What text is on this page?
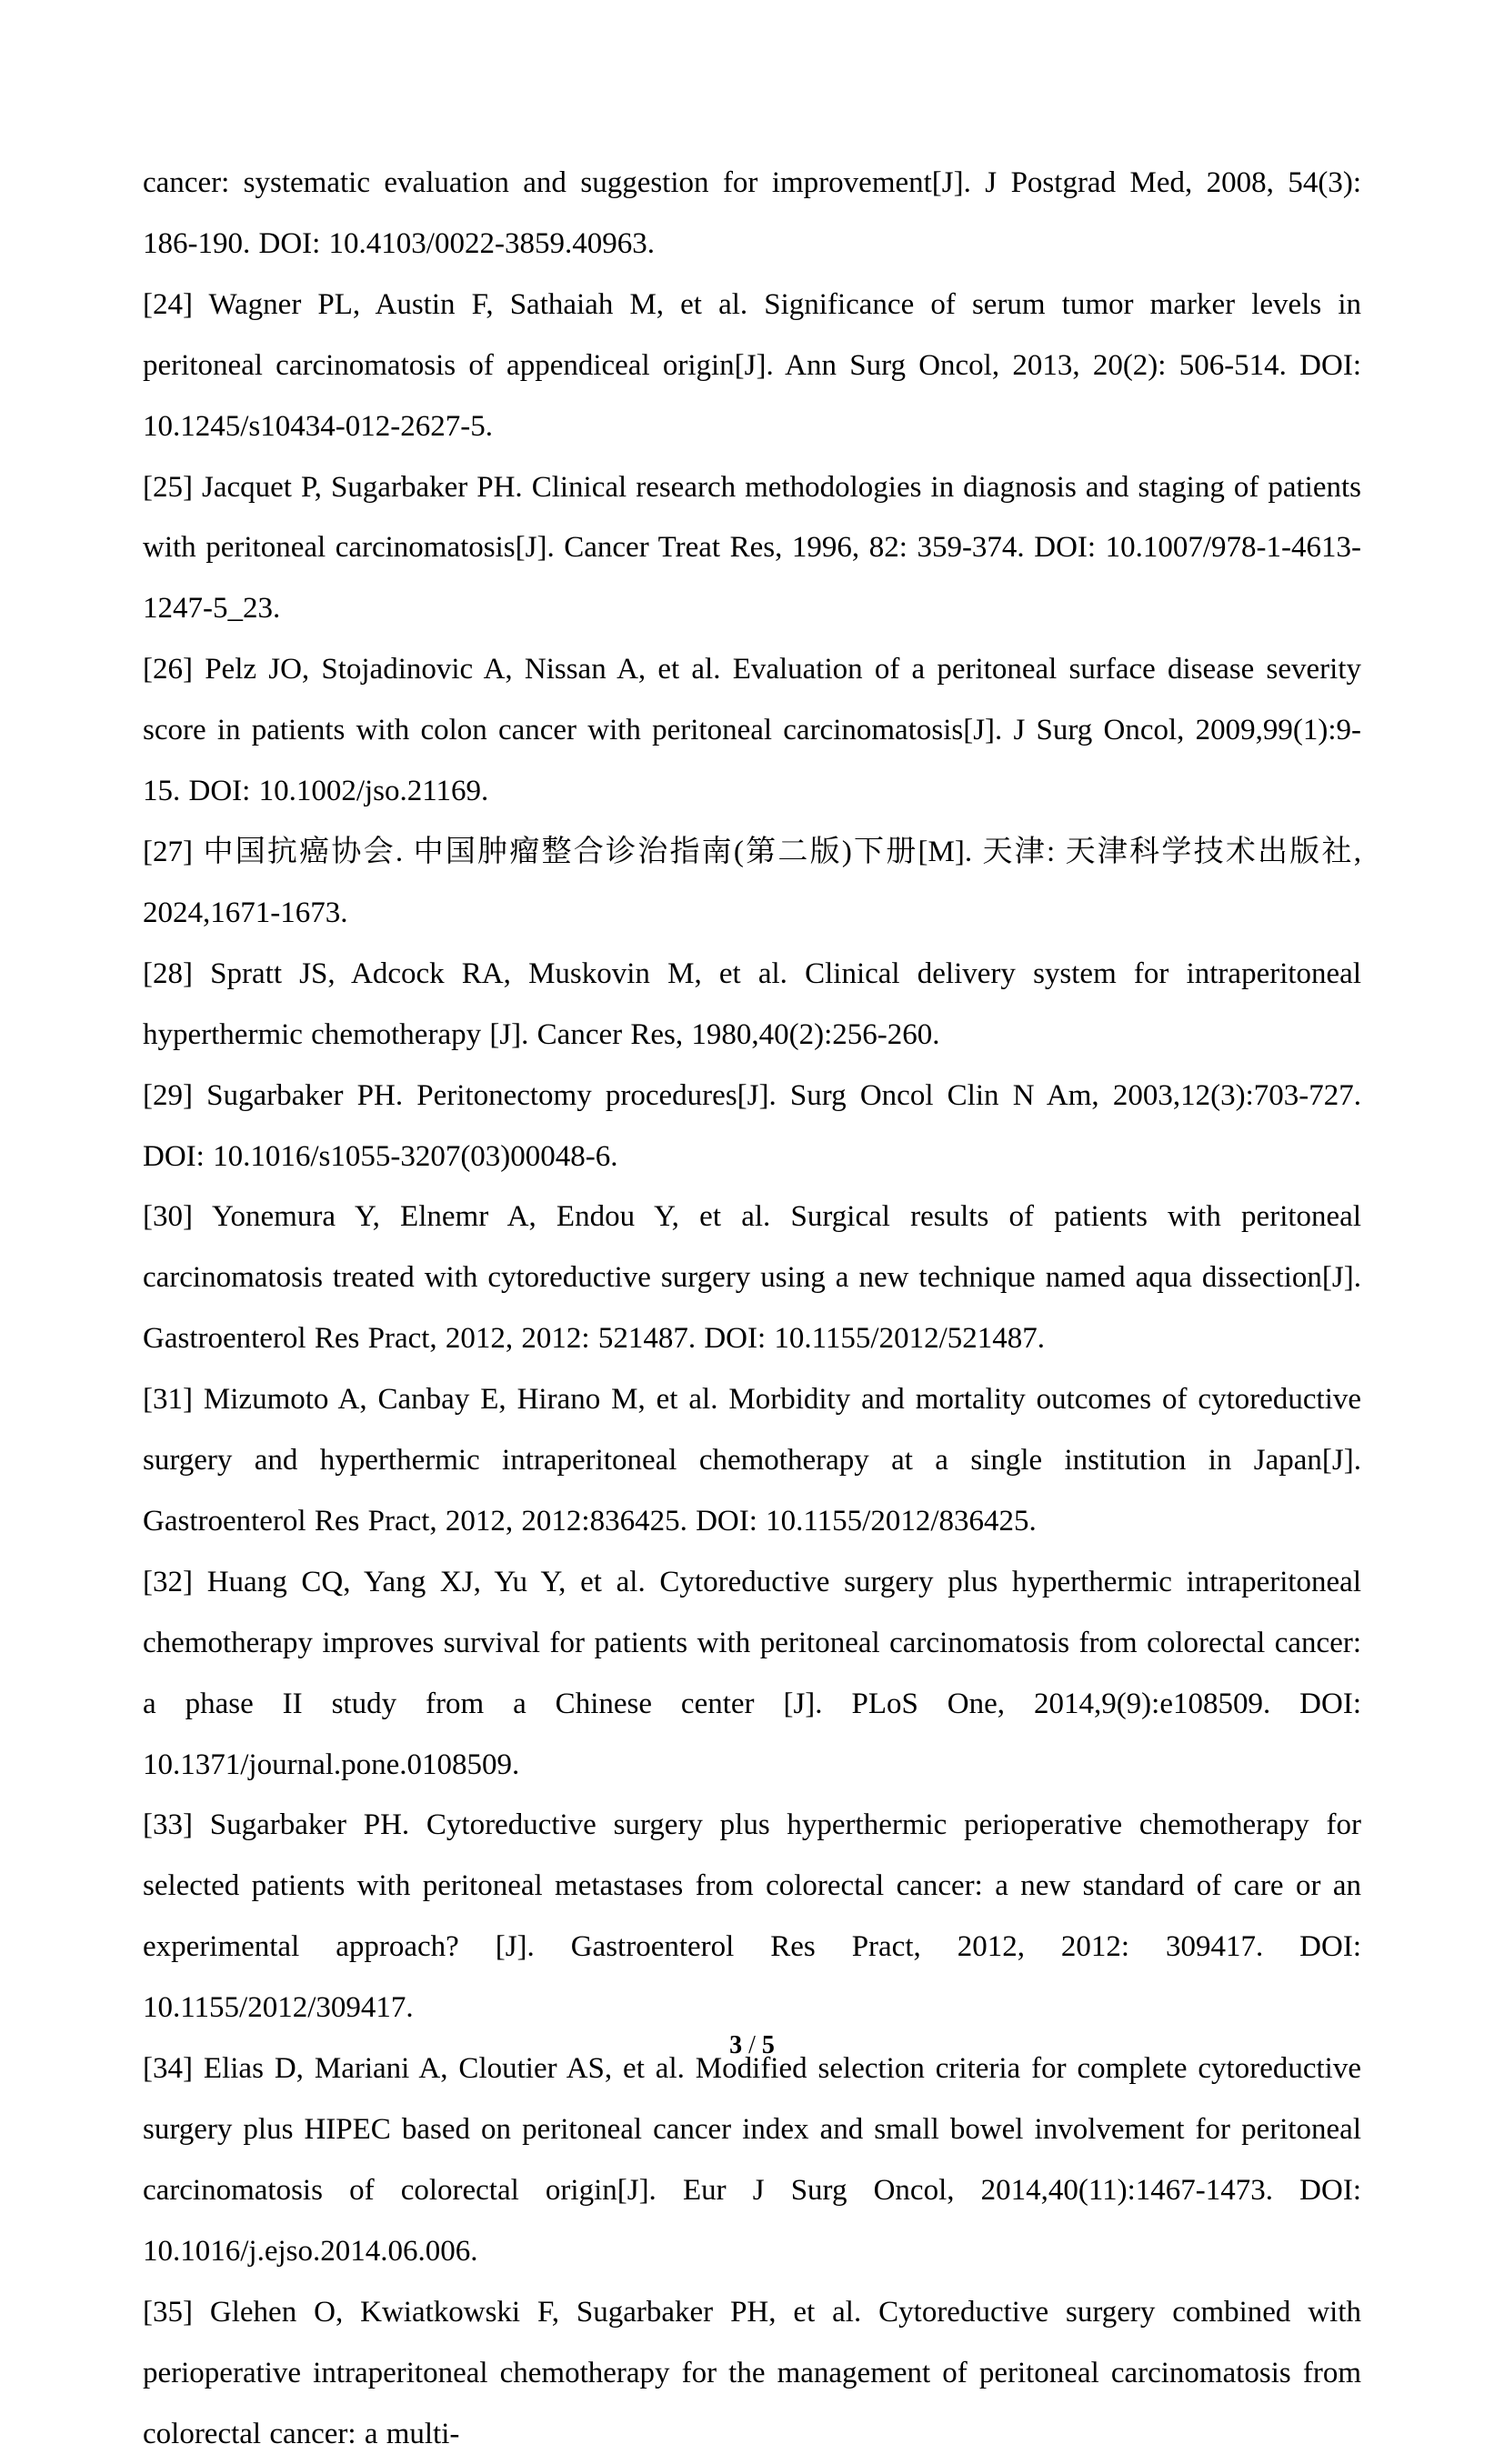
cancer: systematic evaluation and suggestion for improvement[J]. J Postgrad Med, 2008, 54(3): 186-190. DOI: 10.4103/0022-3859.40963.

[24] Wagner PL, Austin F, Sathaiah M, et al. Significance of serum tumor marker levels in peritoneal carcinomatosis of appendiceal origin[J]. Ann Surg Oncol, 2013, 20(2): 506-514. DOI: 10.1245/s10434-012-2627-5.

[25] Jacquet P, Sugarbaker PH. Clinical research methodologies in diagnosis and staging of patients with peritoneal carcinomatosis[J]. Cancer Treat Res, 1996, 82: 359-374. DOI: 10.1007/978-1-4613-1247-5_23.

[26] Pelz JO, Stojadinovic A, Nissan A, et al. Evaluation of a peritoneal surface disease severity score in patients with colon cancer with peritoneal carcinomatosis[J]. J Surg Oncol, 2009,99(1):9-15. DOI: 10.1002/jso.21169.

[27] 中国抗癌协会. 中国肿瘤整合诊治指南(第二版)下册[M]. 天津: 天津科学技术出版社, 2024,1671-1673.

[28] Spratt JS, Adcock RA, Muskovin M, et al. Clinical delivery system for intraperitoneal hyperthermic chemotherapy [J]. Cancer Res, 1980,40(2):256-260.

[29] Sugarbaker PH. Peritonectomy procedures[J]. Surg Oncol Clin N Am, 2003,12(3):703-727. DOI: 10.1016/s1055-3207(03)00048-6.

[30] Yonemura Y, Elnemr A, Endou Y, et al. Surgical results of patients with peritoneal carcinomatosis treated with cytoreductive surgery using a new technique named aqua dissection[J]. Gastroenterol Res Pract, 2012, 2012: 521487. DOI: 10.1155/2012/521487.

[31] Mizumoto A, Canbay E, Hirano M, et al. Morbidity and mortality outcomes of cytoreductive surgery and hyperthermic intraperitoneal chemotherapy at a single institution in Japan[J]. Gastroenterol Res Pract, 2012, 2012:836425. DOI: 10.1155/2012/836425.

[32] Huang CQ, Yang XJ, Yu Y, et al. Cytoreductive surgery plus hyperthermic intraperitoneal chemotherapy improves survival for patients with peritoneal carcinomatosis from colorectal cancer: a phase II study from a Chinese center [J]. PLoS One, 2014,9(9):e108509. DOI: 10.1371/journal.pone.0108509.

[33] Sugarbaker PH. Cytoreductive surgery plus hyperthermic perioperative chemotherapy for selected patients with peritoneal metastases from colorectal cancer: a new standard of care or an experimental approach? [J]. Gastroenterol Res Pract, 2012, 2012: 309417. DOI: 10.1155/2012/309417.

[34] Elias D, Mariani A, Cloutier AS, et al. Modified selection criteria for complete cytoreductive surgery plus HIPEC based on peritoneal cancer index and small bowel involvement for peritoneal carcinomatosis of colorectal origin[J]. Eur J Surg Oncol, 2014,40(11):1467-1473. DOI: 10.1016/j.ejso.2014.06.006.

[35] Glehen O, Kwiatkowski F, Sugarbaker PH, et al. Cytoreductive surgery combined with perioperative intraperitoneal chemotherapy for the management of peritoneal carcinomatosis from colorectal cancer: a multi-

3 / 5
